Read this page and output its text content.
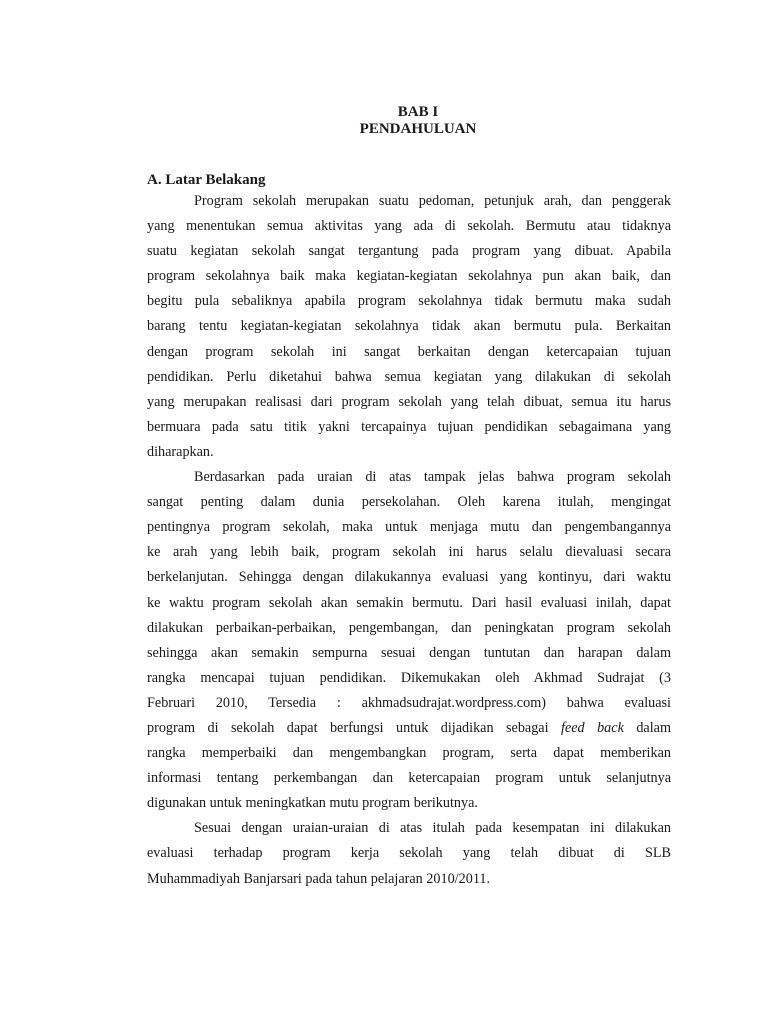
BAB I

PENDAHULUAN

A. Latar Belakang

Program sekolah merupakan suatu pedoman, petunjuk arah, dan penggerak
yang menentukan semua aktivitas yang ada di sekolah. Bermutu atau tidaknya
suatu kegiatan sekolah sangat tergantung pada program yang dibuat. Apabila
program sekolahnya baik maka kegiatan-kegiatan sekolahnya pun akan baik, dan
begitu pula sebaliknya apabila program sekolahnya tidak bermutu maka sudah
barang tentu kegiatan-kegiatan sekolahnya tidak akan bermutu pula. Berkaitan
dengan program sekolah ini sangat berkaitan dengan ketercapaian tujuan
pendidikan. Perlu diketahui bahwa semua kegiatan yang dilakukan di sekolah
yang merupakan realisasi dari program sekolah yang telah dibuat, semua itu harus
bermuara pada satu titik yakni tercapainya tujuan pendidikan sebagaimana yang
diharapkan.

Berdasarkan pada uraian di atas tampak jelas bahwa program sekolah
sangat penting dalam dunia persekolahan. Oleh karena itulah, mengingat
pentingnya program sekolah, maka untuk menjaga mutu dan pengembangannya
ke arah yang lebih baik, program sekolah ini harus selalu dievaluasi secara
berkelanjutan. Sehingga dengan dilakukannya evaluasi yang kontinyu, dari waktu
ke waktu program sekolah akan semakin bermutu. Dari hasil evaluasi inilah, dapat
dilakukan perbaikan-perbaikan, pengembangan, dan peningkatan program sekolah
sehingga akan semakin sempurna sesuai dengan tuntutan dan harapan dalam
rangka mencapai tujuan pendidikan. Dikemukakan oleh Akhmad Sudrajat (3
Februari 2010, Tersedia : akhmadsudrajat.wordpress.com) bahwa evaluasi
program di sekolah dapat berfungsi untuk dijadikan sebagai feed back dalam
rangka memperbaiki dan mengembangkan program, serta dapat memberikan
informasi tentang perkembangan dan ketercapaian program untuk selanjutnya
digunakan untuk meningkatkan mutu program berikutnya.

Sesuai dengan uraian-uraian di atas itulah pada kesempatan ini dilakukan
evaluasi terhadap program kerja sekolah yang telah dibuat di SLB
Muhammadiyah Banjarsari pada tahun pelajaran 2010/2011.
